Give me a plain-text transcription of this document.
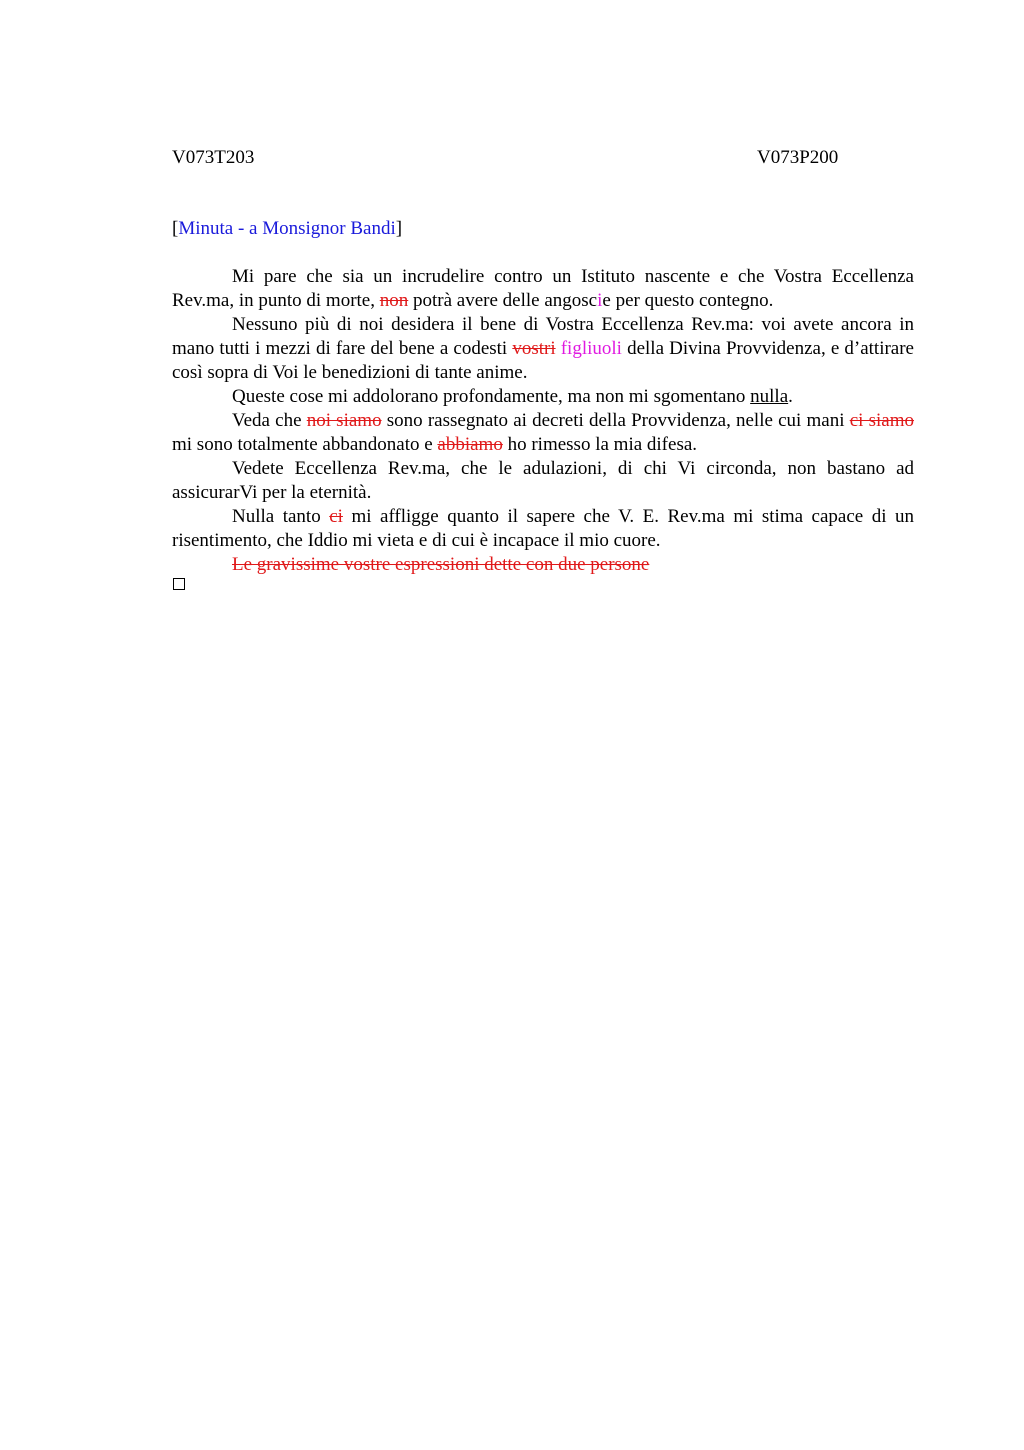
V073T203	V073P200
[Minuta - a Monsignor Bandi]

Mi pare che sia un incrudelire contro un Istituto nascente e che Vostra Eccellenza Rev.ma, in punto di morte, non potrà avere delle angoscie per questo contegno.

Nessuno più di noi desidera il bene di Vostra Eccellenza Rev.ma: voi avete ancora in mano tutti i mezzi di fare del bene a codesti vostri figliuoli della Divina Provvidenza, e d’attirare così sopra di Voi le benedizioni di tante anime.

Queste cose mi addolorano profondamente, ma non mi sgomentano nulla.

Veda che noi siamo sono rassegnato ai decreti della Provvidenza, nelle cui mani ci siamo mi sono totalmente abbandonato e abbiamo ho rimesso la mia difesa.

Vedete Eccellenza Rev.ma, che le adulazioni, di chi Vi circonda, non bastano ad assicurarVi per la eternità.

Nulla tanto ci mi affligge quanto il sapere che V. E. Rev.ma mi stima capace di un risentimento, che Iddio mi vieta e di cui è incapace il mio cuore.

Le gravissime vostre espressioni dette con due persone
